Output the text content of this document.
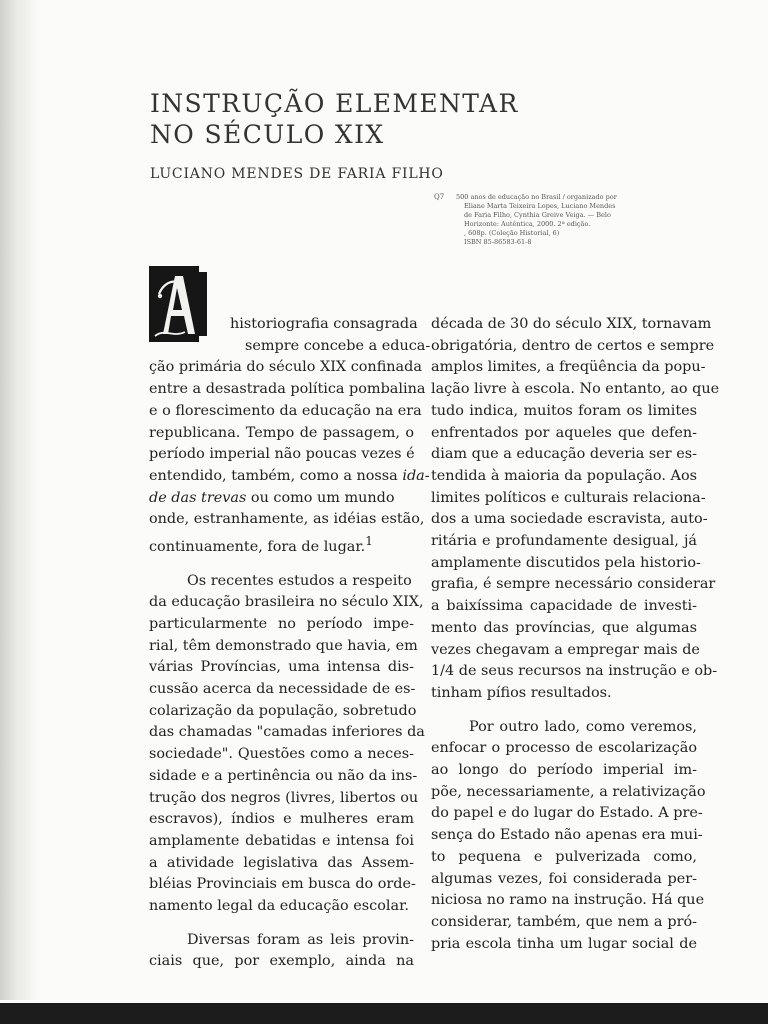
INSTRUÇÃO ELEMENTAR
NO SÉCULO XIX
LUCIANO MENDES DE FARIA FILHO
Q7 500 anos de educação no Brasil / organizado por
Eliane Marta Teixeira Lopes, Luciano Mendes
de Faria Filho, Cynthia Greive Veiga. — Belo
Horizonte: Autêntica, 2000. 2ª edição.
, 608p. (Coleção Historial, 6)
ISBN 85-86583-61-8
historiografia consagrada
sempre concebe a educa-
ção primária do século XIX confinada
entre a desastrada política pombalina
e o florescimento da educação na era
republicana. Tempo de passagem, o
período imperial não poucas vezes é
entendido, também, como a nossa ida-
de das trevas ou como um mundo
onde, estranhamente, as idéias estão,
continuamente, fora de lugar.$^1$
Os recentes estudos a respeito
da educação brasileira no século XIX,
particularmente no período impe-
rial, têm demonstrado que havia, em
várias Províncias, uma intensa dis-
cussão acerca da necessidade de es-
colarização da população, sobretudo
das chamadas "camadas inferiores da
sociedade". Questões como a neces-
sidade e a pertinência ou não da ins-
trução dos negros (livres, libertos ou
escravos), índios e mulheres eram
amplamente debatidas e intensa foi
a atividade legislativa das Assem-
bléias Provinciais em busca do orde-
namento legal da educação escolar.
Diversas foram as leis provin-
ciais que, por exemplo, ainda na
década de 30 do século XIX, tornavam
obrigatória, dentro de certos e sempre
amplos limites, a freqüência da popu-
lação livre à escola. No entanto, ao que
tudo indica, muitos foram os limites
enfrentados por aqueles que defen-
diam que a educação deveria ser es-
tendida à maioria da população. Aos
limites políticos e culturais relaciona-
dos a uma sociedade escravista, auto-
ritária e profundamente desigual, já
amplamente discutidos pela historio-
grafia, é sempre necessário considerar
a baixíssima capacidade de investi-
mento das províncias, que algumas
vezes chegavam a empregar mais de
1/4 de seus recursos na instrução e ob-
tinham pífios resultados.
Por outro lado, como veremos,
enfocar o processo de escolarização
ao longo do período imperial im-
põe, necessariamente, a relativização
do papel e do lugar do Estado. A pre-
sença do Estado não apenas era mui-
to pequena e pulverizada como,
algumas vezes, foi considerada per-
niciosa no ramo na instrução. Há que
considerar, também, que nem a pró-
pria escola tinha um lugar social de
